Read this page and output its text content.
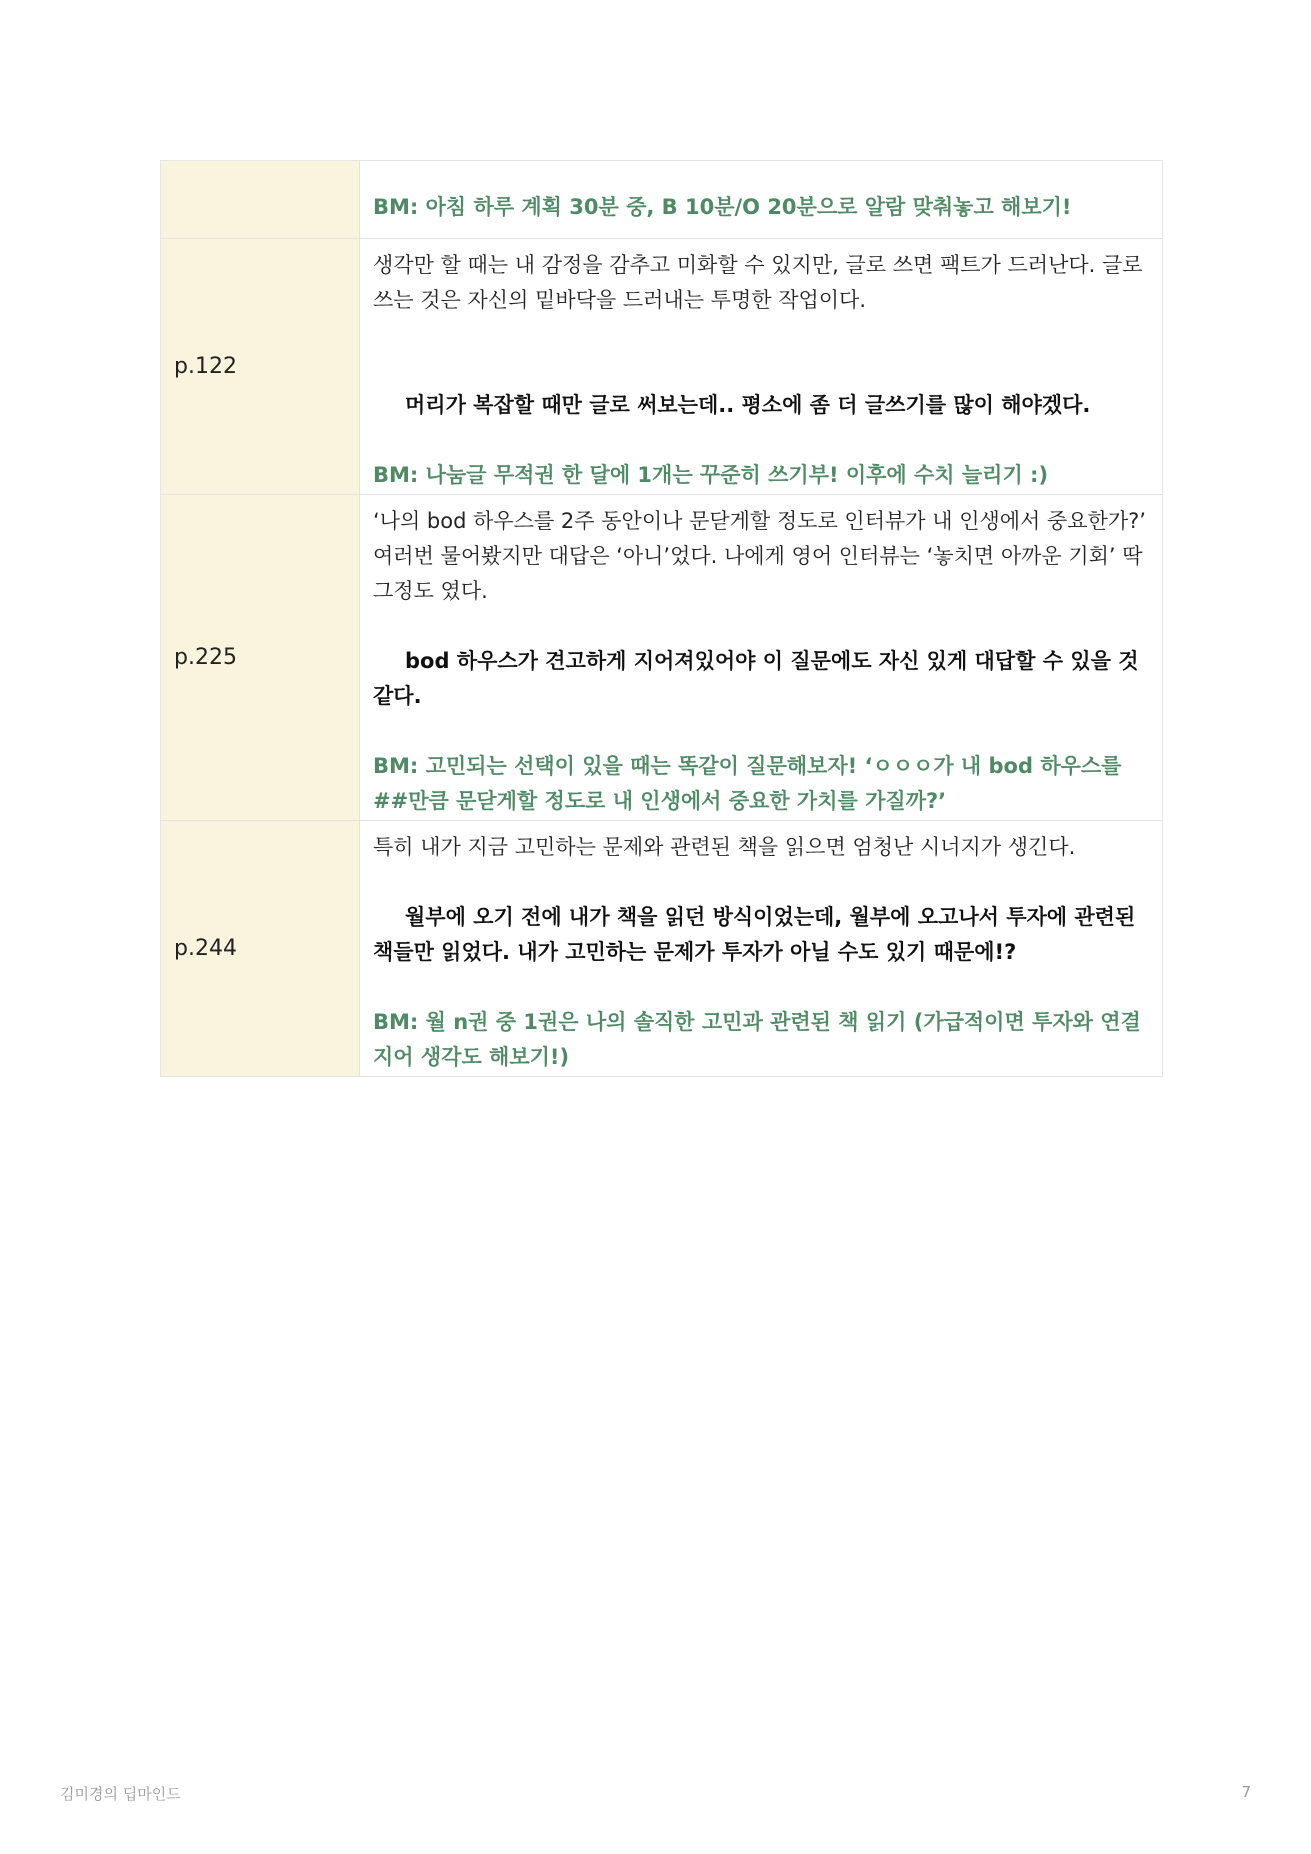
BM: 아침 하루 계획 30분 중, B 10분/O 20분으로 알람 맞춰놓고 해보기!

p.122

생각만 할 때는 내 감정을 감추고 미화할 수 있지만, 글로 쓰면 팩트가 드러난다. 글로 쓰는 것은 자신의 밑바닥을 드러내는 투명한 작업이다.

머리가 복잡할 때만 글로 써보는데.. 평소에 좀 더 글쓰기를 많이 해야겠다.

BM: 나눔글 무적권 한 달에 1개는 꾸준히 쓰기부! 이후에 수치 늘리기 :)

p.225

‘나의 bod 하우스를 2주 동안이나 문닫게할 정도로 인터뷰가 내 인생에서 중요한가?’ 여러번 물어봤지만 대답은 ‘아니’었다. 나에게 영어 인터뷰는 ‘놓치면 아까운 기회’ 딱 그정도 였다.

bod 하우스가 견고하게 지어져있어야 이 질문에도 자신 있게 대답할 수 있을 것 같다.

BM: 고민되는 선택이 있을 때는 똑같이 질문해보자! ‘ㅇㅇㅇ가 내 bod 하우스를 ##만큼 문닫게할 정도로 내 인생에서 중요한 가치를 가질까?’

p.244

특히 내가 지금 고민하는 문제와 관련된 책을 읽으면 엄청난 시너지가 생긴다.

월부에 오기 전에 내가 책을 읽던 방식이었는데, 월부에 오고나서 투자에 관련된 책들만 읽었다. 내가 고민하는 문제가 투자가 아닐 수도 있기 때문에!?

BM: 월 n권 중 1권은 나의 솔직한 고민과 관련된 책 읽기 (가급적이면 투자와 연결지어 생각도 해보기!)

김미경의 딥마인드	7
